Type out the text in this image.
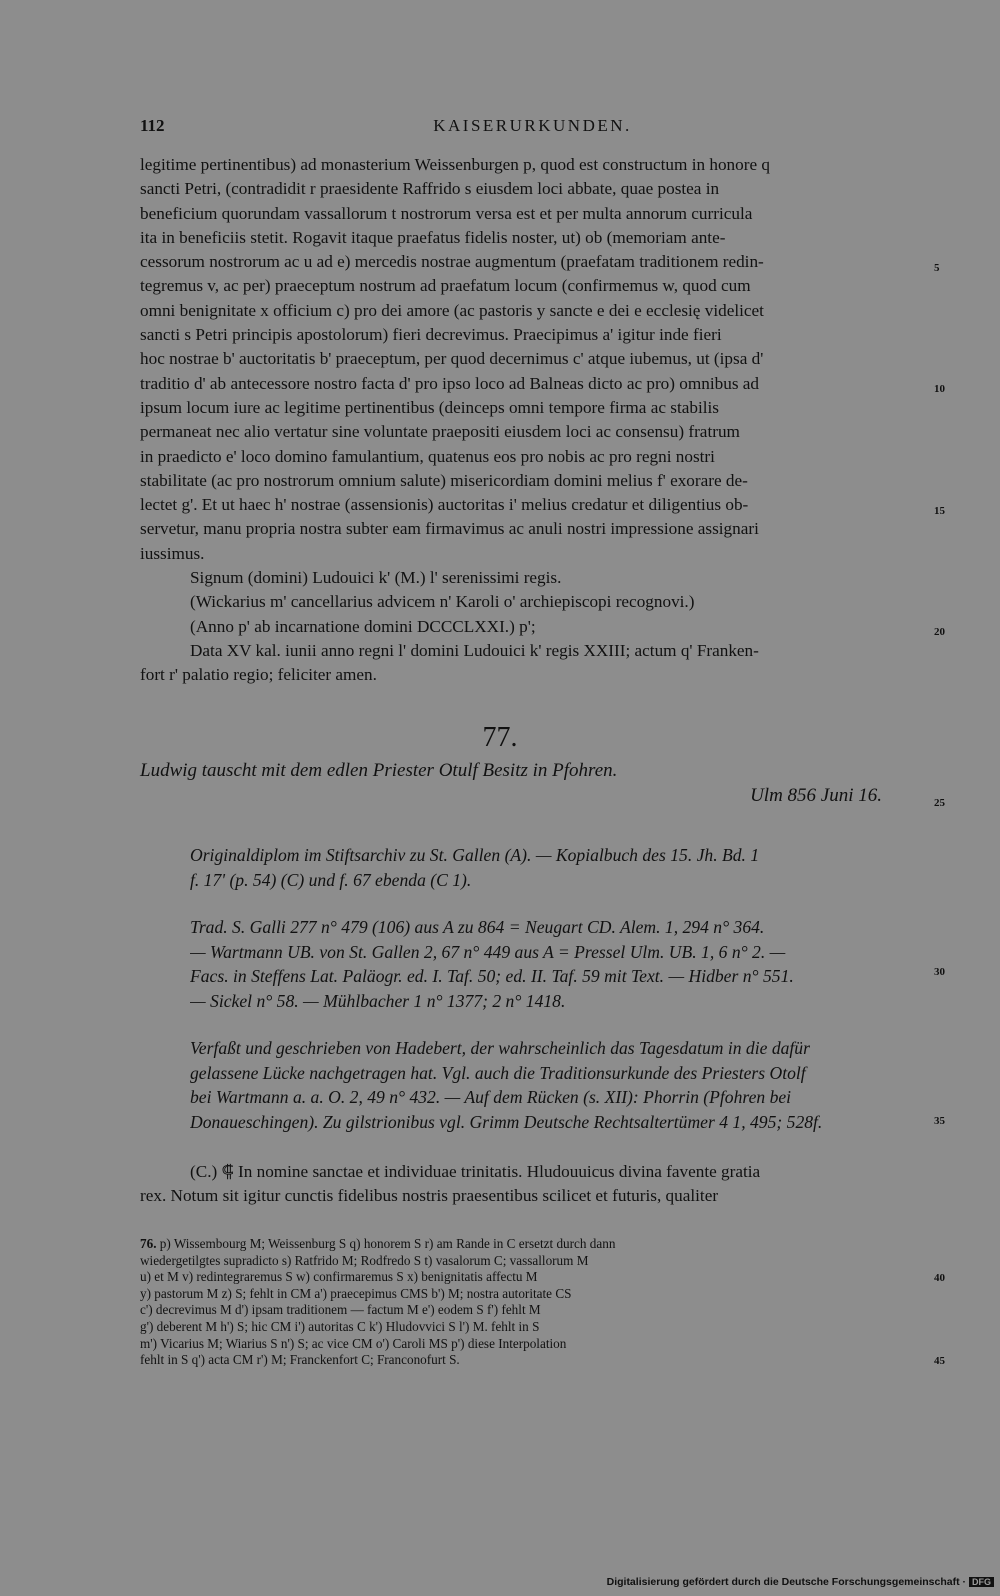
112	KAISERURKUNDEN.
legitime pertinentibus) ad monasterium Weissenburgen p, quod est constructum in honore q
sancti Petri, (contradidit r praesidente Raffrido s eiusdem loci abbate, quae postea in
beneficium quorundam vassallorum t nostrorum versa est et per multa annorum curricula
ita in beneficiis stetit. Rogavit itaque praefatus fidelis noster, ut) ob (memoriam ante-
cessorum nostrorum ac u ad e) mercedis nostrae augmentum (praefatam traditionem redin-
tegremus v, ac per) praeceptum nostrum ad praefatum locum (confirmemus w, quod cum
omni benignitate x officium c) pro dei amore (ac pastoris y sancte e dei e ecclesię videlicet
sancti s Petri principis apostolorum) fieri decrevimus. Praecipimus a' igitur inde fieri
hoc nostrae b' auctoritatis b' praeceptum, per quod decernimus c' atque iubemus, ut (ipsa d'
traditio d' ab antecessore nostro facta d' pro ipso loco ad Balneas dicto ac pro) omnibus ad
ipsum locum iure ac legitime pertinentibus (deinceps omni tempore firma ac stabilis
permaneat nec alio vertatur sine voluntate praepositi eiusdem loci ac consensu) fratrum
in praedicto e' loco domino famulantium, quatenus eos pro nobis ac pro regni nostri
stabilitate (ac pro nostrorum omnium salute) misericordiam domini melius f' exorare de-
lectet g'. Et ut haec h' nostrae (assensionis) auctoritas i' melius credatur et diligentius ob-
servetur, manu propria nostra subter eam firmavimus ac anuli nostri impressione assignari
iussimus.
Signum (domini) Ludouici k' (M.) l' serenissimi regis.
(Wickarius m' cancellarius advicem n' Karoli o' archiepiscopi recognovi.)
(Anno p' ab incarnatione domini DCCCLXXI.) p';
Data XV kal. iunii anno regni l' domini Ludouici k' regis XXIII; actum q' Franken-
fort r' palatio regio; feliciter amen.
5
10
15
20
25
30
35
40
45
77.
Ludwig tauscht mit dem edlen Priester Otulf Besitz in Pfohren.
Ulm 856 Juni 16.
Originaldiplom im Stiftsarchiv zu St. Gallen (A). — Kopialbuch des 15. Jh. Bd. 1
f. 17' (p. 54) (C) und f. 67 ebenda (C 1).
Trad. S. Galli 277 n° 479 (106) aus A zu 864 = Neugart CD. Alem. 1, 294 n° 364.
— Wartmann UB. von St. Gallen 2, 67 n° 449 aus A = Pressel Ulm. UB. 1, 6 n° 2. —
Facs. in Steffens Lat. Paläogr. ed. I. Taf. 50; ed. II. Taf. 59 mit Text. — Hidber n° 551.
— Sickel n° 58. — Mühlbacher 1 n° 1377; 2 n° 1418.
Verfaßt und geschrieben von Hadebert, der wahrscheinlich das Tagesdatum in die dafür
gelassene Lücke nachgetragen hat. Vgl. auch die Traditionsurkunde des Priesters Otolf
bei Wartmann a. a. O. 2, 49 n° 432. — Auf dem Rücken (s. XII): Phorrin (Pfohren bei
Donaueschingen). Zu gilstrionibus vgl. Grimm Deutsche Rechtsaltertümer 4 1, 495; 528f.
(C.) ⸿ In nomine sanctae et individuae trinitatis. Hludouuicus divina favente gratia
rex. Notum sit igitur cunctis fidelibus nostris praesentibus scilicet et futuris, qualiter
76. p) Wissembourg M; Weissenburg S q) honorem S r) am Rande in C ersetzt durch dann
wiedergetilgtes supradicto s) Ratfrido M; Rodfredo S t) vasalorum C; vassallorum M
u) et M v) redintegraremus S w) confirmaremus S x) benignitatis affectu M
y) pastorum M z) S; fehlt in CM a') praecepimus CMS b') M; nostra autoritate CS
c') decrevimus M d') ipsam traditionem — factum M e') eodem S f') fehlt M
g') deberent M h') S; hic CM i') autoritas C k') Hludovvici S l') M. fehlt in S
m') Vicarius M; Wiarius S n') S; ac vice CM o') Caroli MS p') diese Interpolation
fehlt in S q') acta CM r') M; Franckenfort C; Franconofurt S.
Digitalisierung gefördert durch die Deutsche Forschungsgemeinschaft · DFG
